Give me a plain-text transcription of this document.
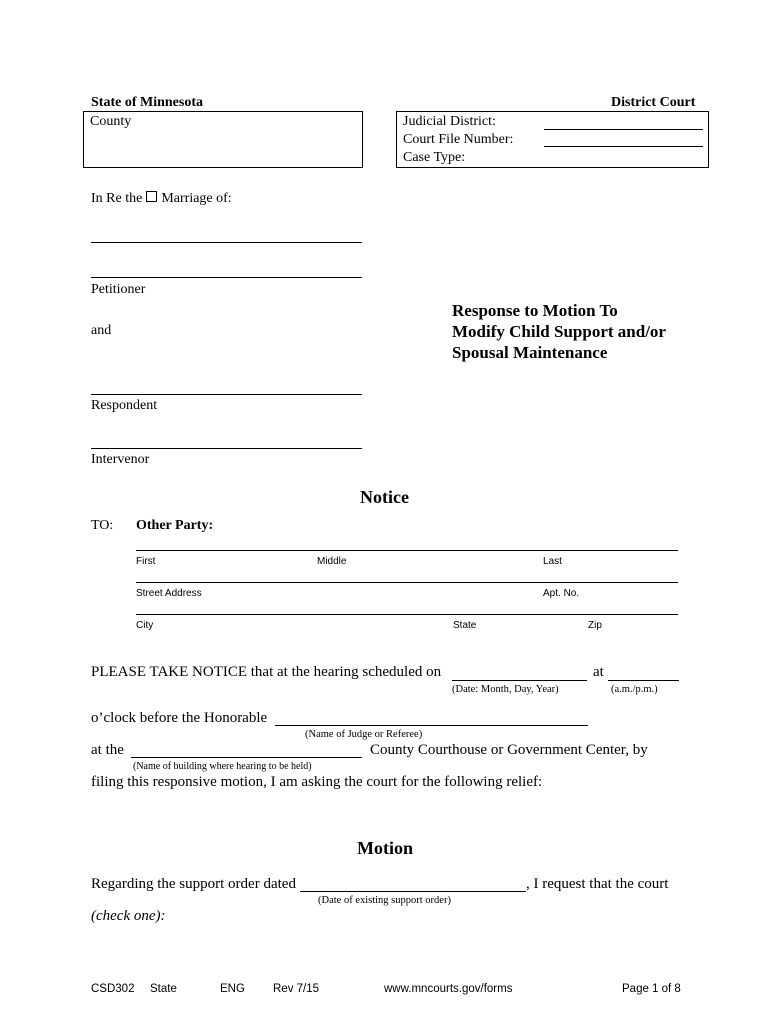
State of Minnesota	District Court
County	Judicial District:
Court File Number:
Case Type:
In Re the Marriage of:
Petitioner
and
Respondent
Intervenor
Response to Motion To
Modify Child Support and/or
Spousal Maintenance
Notice
TO: Other Party:
First	Middle	Last
Street Address	Apt. No.
City	State	Zip
PLEASE TAKE NOTICE that at the hearing scheduled on	at
(Date: Month, Day, Year)	(a.m./p.m.)
o’clock before the Honorable
(Name of Judge or Referee)
at the	County Courthouse or Government Center, by
(Name of building where hearing to be held)
filing this responsive motion, I am asking the court for the following relief:
Motion
Regarding the support order dated	, I request that the court
(Date of existing support order)
(check one):
CSD302 State	ENG Rev 7/15	www.mncourts.gov/forms	Page 1 of 8
